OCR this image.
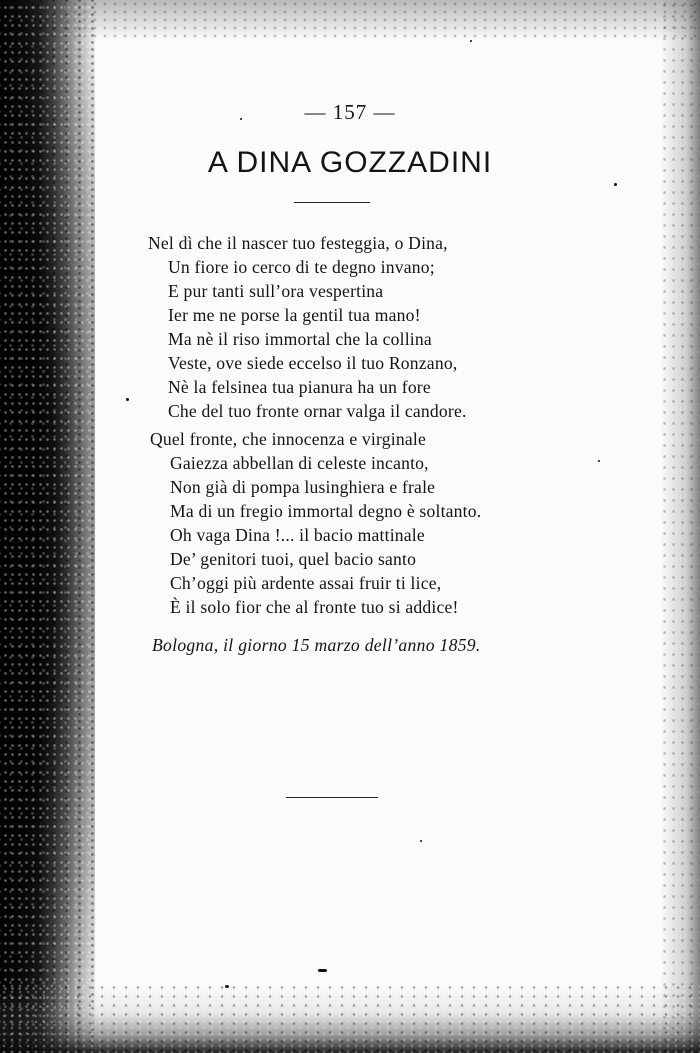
— 157 —
A DINA GOZZADINI
Nel dì che il nascer tuo festeggia, o Dina,
Un fiore io cerco di te degno invano;
E pur tanti sull’ora vespertina
Ier me ne porse la gentil tua mano!
Ma nè il riso immortal che la collina
Veste, ove siede eccelso il tuo Ronzano,
Nè la felsinea tua pianura ha un fore
Che del tuo fronte ornar valga il candore.
Quel fronte, che innocenza e virginale
Gaiezza abbellan di celeste incanto,
Non già di pompa lusinghiera e frale
Ma di un fregio immortal degno è soltanto.
Oh vaga Dina !... il bacio mattinale
De’ genitori tuoi, quel bacio santo
Ch’oggi più ardente assai fruir ti lice,
È il solo fior che al fronte tuo si addice!
Bologna, il giorno 15 marzo dell’anno 1859.
